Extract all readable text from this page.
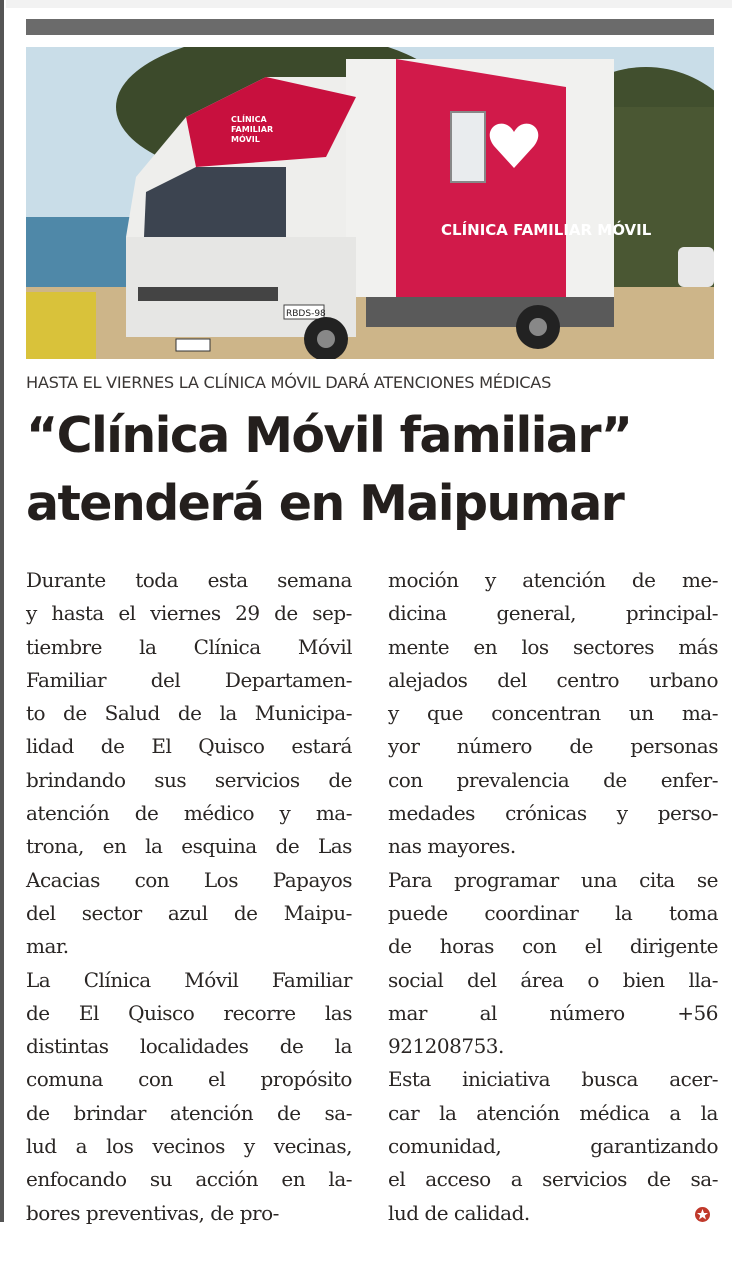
CLÍNICA FAMILIAR MÓVIL
CLÍNICA
FAMILIAR
MÓVIL
RBDS-98
HASTA EL VIERNES LA CLÍNICA MÓVIL DARÁ ATENCIONES MÉDICAS
“Clínica Móvil familiar”
atenderá en Maipumar
Durante toda esta semana
y hasta el viernes 29 de sep-
tiembre la Clínica Móvil
Familiar del Departamen-
to de Salud de la Municipa-
lidad de El Quisco estará
brindando sus servicios de
atención de médico y ma-
trona, en la esquina de Las
Acacias con Los Papayos
del sector azul de Maipu-
mar.
La Clínica Móvil Familiar
de El Quisco recorre las
distintas localidades de la
comuna con el propósito
de brindar atención de sa-
lud a los vecinos y vecinas,
enfocando su acción en la-
bores preventivas, de pro-
moción y atención de me-
dicina general, principal-
mente en los sectores más
alejados del centro urbano
y que concentran un ma-
yor número de personas
con prevalencia de enfer-
medades crónicas y perso-
nas mayores.
Para programar una cita se
puede coordinar la toma
de horas con el dirigente
social del área o bien lla-
mar	al	número	+56
921208753.
Esta iniciativa busca acer-
car la atención médica a la
comunidad,	garantizando
el acceso a servicios de sa-
lud de calidad.
